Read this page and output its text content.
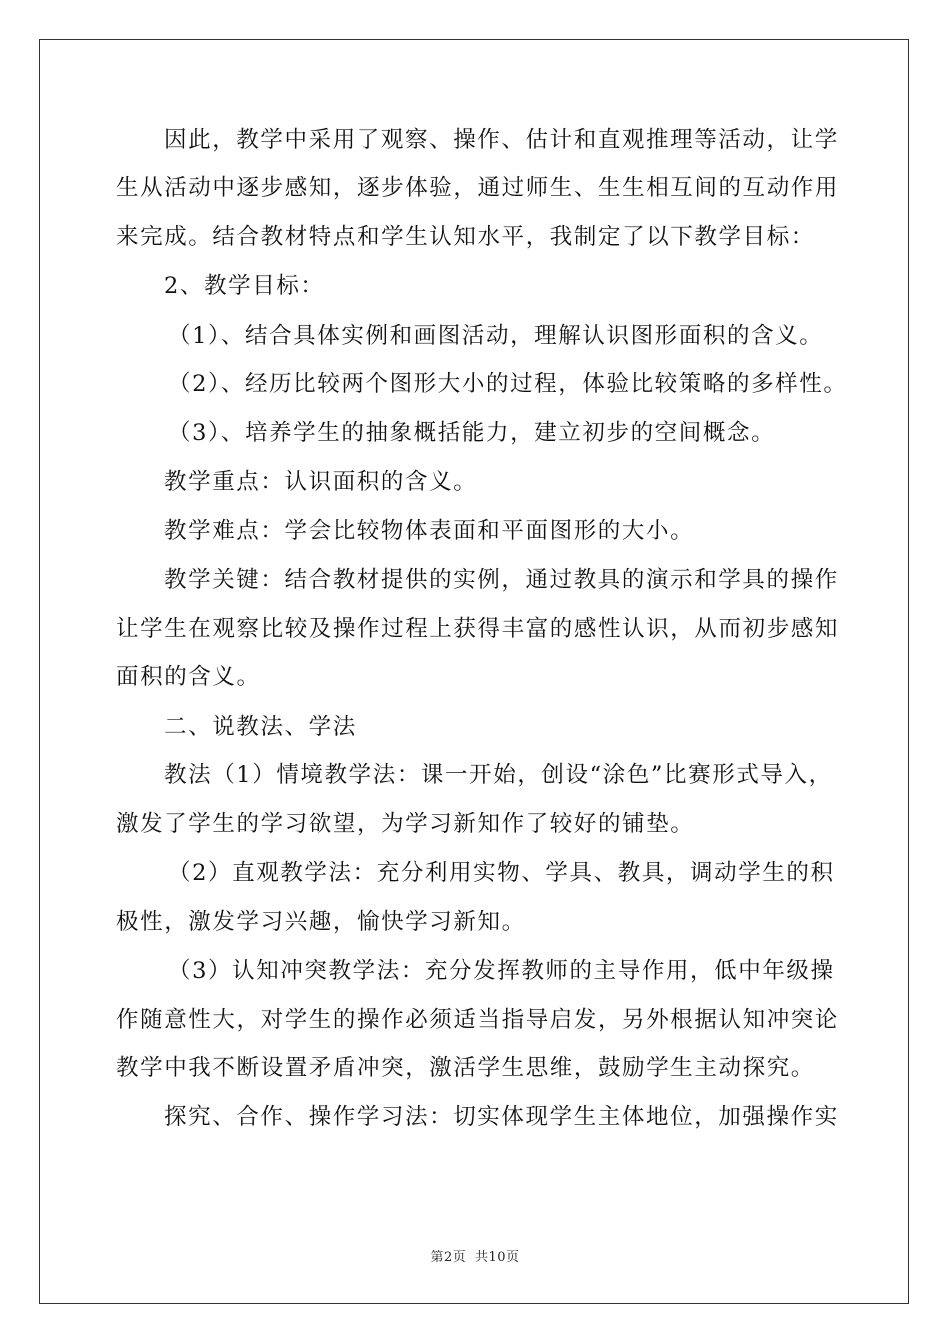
因此，教学中采用了观察、操作、估计和直观推理等活动，让学
生从活动中逐步感知，逐步体验，通过师生、生生相互间的互动作用
来完成。结合教材特点和学生认知水平，我制定了以下教学目标：
2、教学目标：
（1）、结合具体实例和画图活动，理解认识图形面积的含义。
（2）、经历比较两个图形大小的过程，体验比较策略的多样性。
（3）、培养学生的抽象概括能力，建立初步的空间概念。
教学重点：认识面积的含义。
教学难点：学会比较物体表面和平面图形的大小。
教学关键：结合教材提供的实例，通过教具的演示和学具的操作
让学生在观察比较及操作过程上获得丰富的感性认识，从而初步感知
面积的含义。
二、说教法、学法
教法（1）情境教学法：课一开始，创设“涂色”比赛形式导入，
激发了学生的学习欲望，为学习新知作了较好的铺垫。
（2）直观教学法：充分利用实物、学具、教具，调动学生的积
极性，激发学习兴趣，愉快学习新知。
（3）认知冲突教学法：充分发挥教师的主导作用，低中年级操
作随意性大，对学生的操作必须适当指导启发，另外根据认知冲突论
教学中我不断设置矛盾冲突，激活学生思维，鼓励学生主动探究。
探究、合作、操作学习法：切实体现学生主体地位，加强操作实
第2页 共10页
